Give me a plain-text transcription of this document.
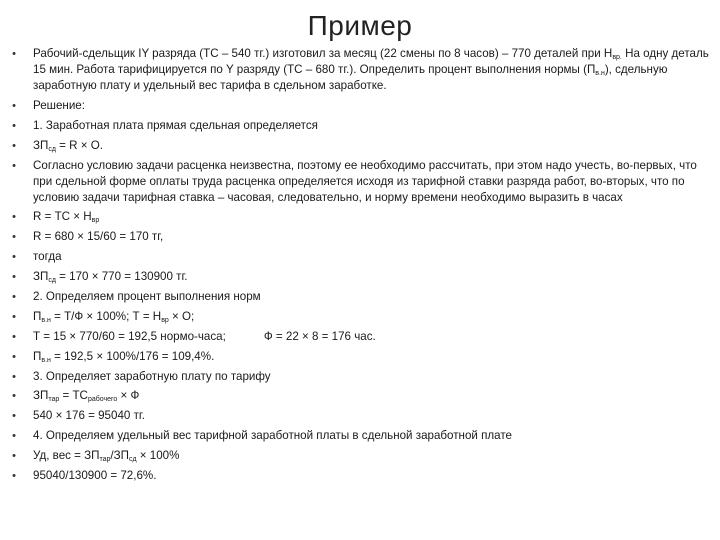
Пример
•	Рабочий-сдельщик IY разряда (ТС – 540 тг.) изготовил за месяц (22 смены по 8 часов) – 770 деталей при $Н_{вр.}$ На одну деталь 15 мин. Работа тарифицируется по Y разряду (ТС – 680 тг.). Определить процент выполнения нормы $(П_{в.н})$, сдельную заработную плату и удельный вес тарифа в сдельном заработке.
•	Решение:
•	1. Заработная плата прямая сдельная определяется
•	$ЗП_{сд} = R \times О$.
•	Согласно условию задачи расценка неизвестна, поэтому ее необходимо рассчитать, при этом надо учесть, во-первых, что при сдельной форме оплаты труда расценка определяется исходя из тарифной ставки разряда работ, во-вторых, что по условию задачи тарифная ставка – часовая, следовательно, и норму времени необходимо выразить в часах
•	R = ТС × $Н_{вр}$
•	R = 680 × 15/60 = 170 тг,
•	тогда
•	$ЗП_{сд} = 170 \times 770 = 130900$ тг.
•	2. Определяем процент выполнения норм
•	$П_{в.н} = Т/Ф \times 100\%$; $Т = Н_{вр} \times О$;
•	Т = 15 × 770/60 = 192,5 нормо-часа;	Ф = 22 × 8 = 176 час.
•	$П_{в.н} = 192,5 \times 100\%/176 = 109,4\%$.
•	3. Определяет заработную плату по тарифу
•	$ЗП_{тар} = ТС_{рабочего} \times Ф$
•	540 × 176 = 95040 тг.
•	4. Определяем удельный вес тарифной заработной платы в сдельной заработной плате
•	Уд, вес = $ЗП_{тар}/ЗП_{сд} \times 100\%$
•	95040/130900 = 72,6%.
